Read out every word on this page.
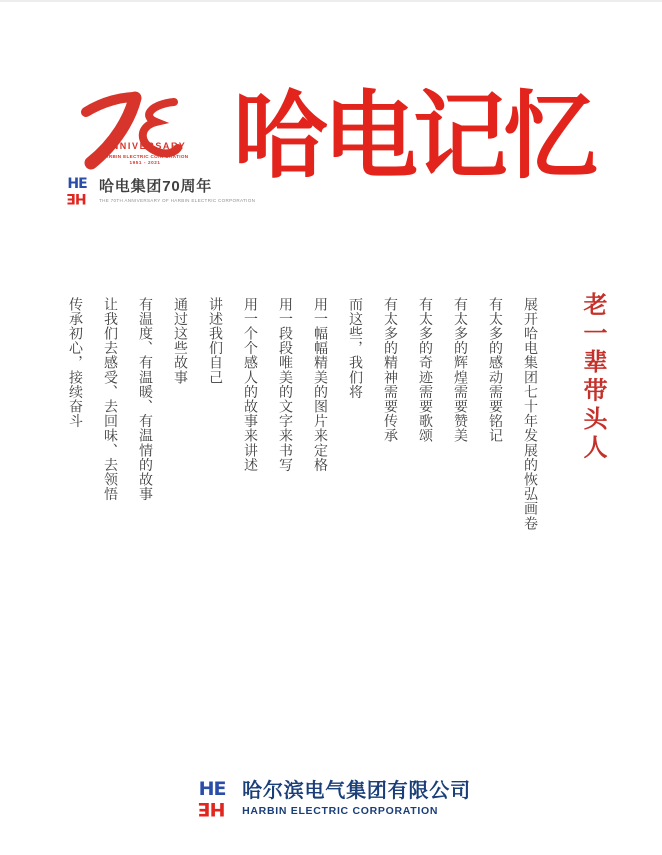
ANNIVERSARY
HARBIN ELECTRIC CORPORATION
1951 - 2021
HE
HE
哈电集团70周年
THE 70TH ANNIVERSARY OF HARBIN ELECTRIC CORPORATION
哈电记忆
老一辈带头人
展开哈电集团七十年发展的恢弘画卷
有太多的感动需要铭记
有太多的辉煌需要赞美
有太多的奇迹需要歌颂
有太多的精神需要传承
而这些，我们将
用一幅幅精美的图片来定格
用一段段唯美的文字来书写
用一个个感人的故事来讲述
讲述我们自己
通过这些故事
有温度、有温暖、有温情的故事
让我们去感受、去回味、去领悟
传承初心，接续奋斗
HE
HE
哈尔滨电气集团有限公司
HARBIN ELECTRIC CORPORATION
